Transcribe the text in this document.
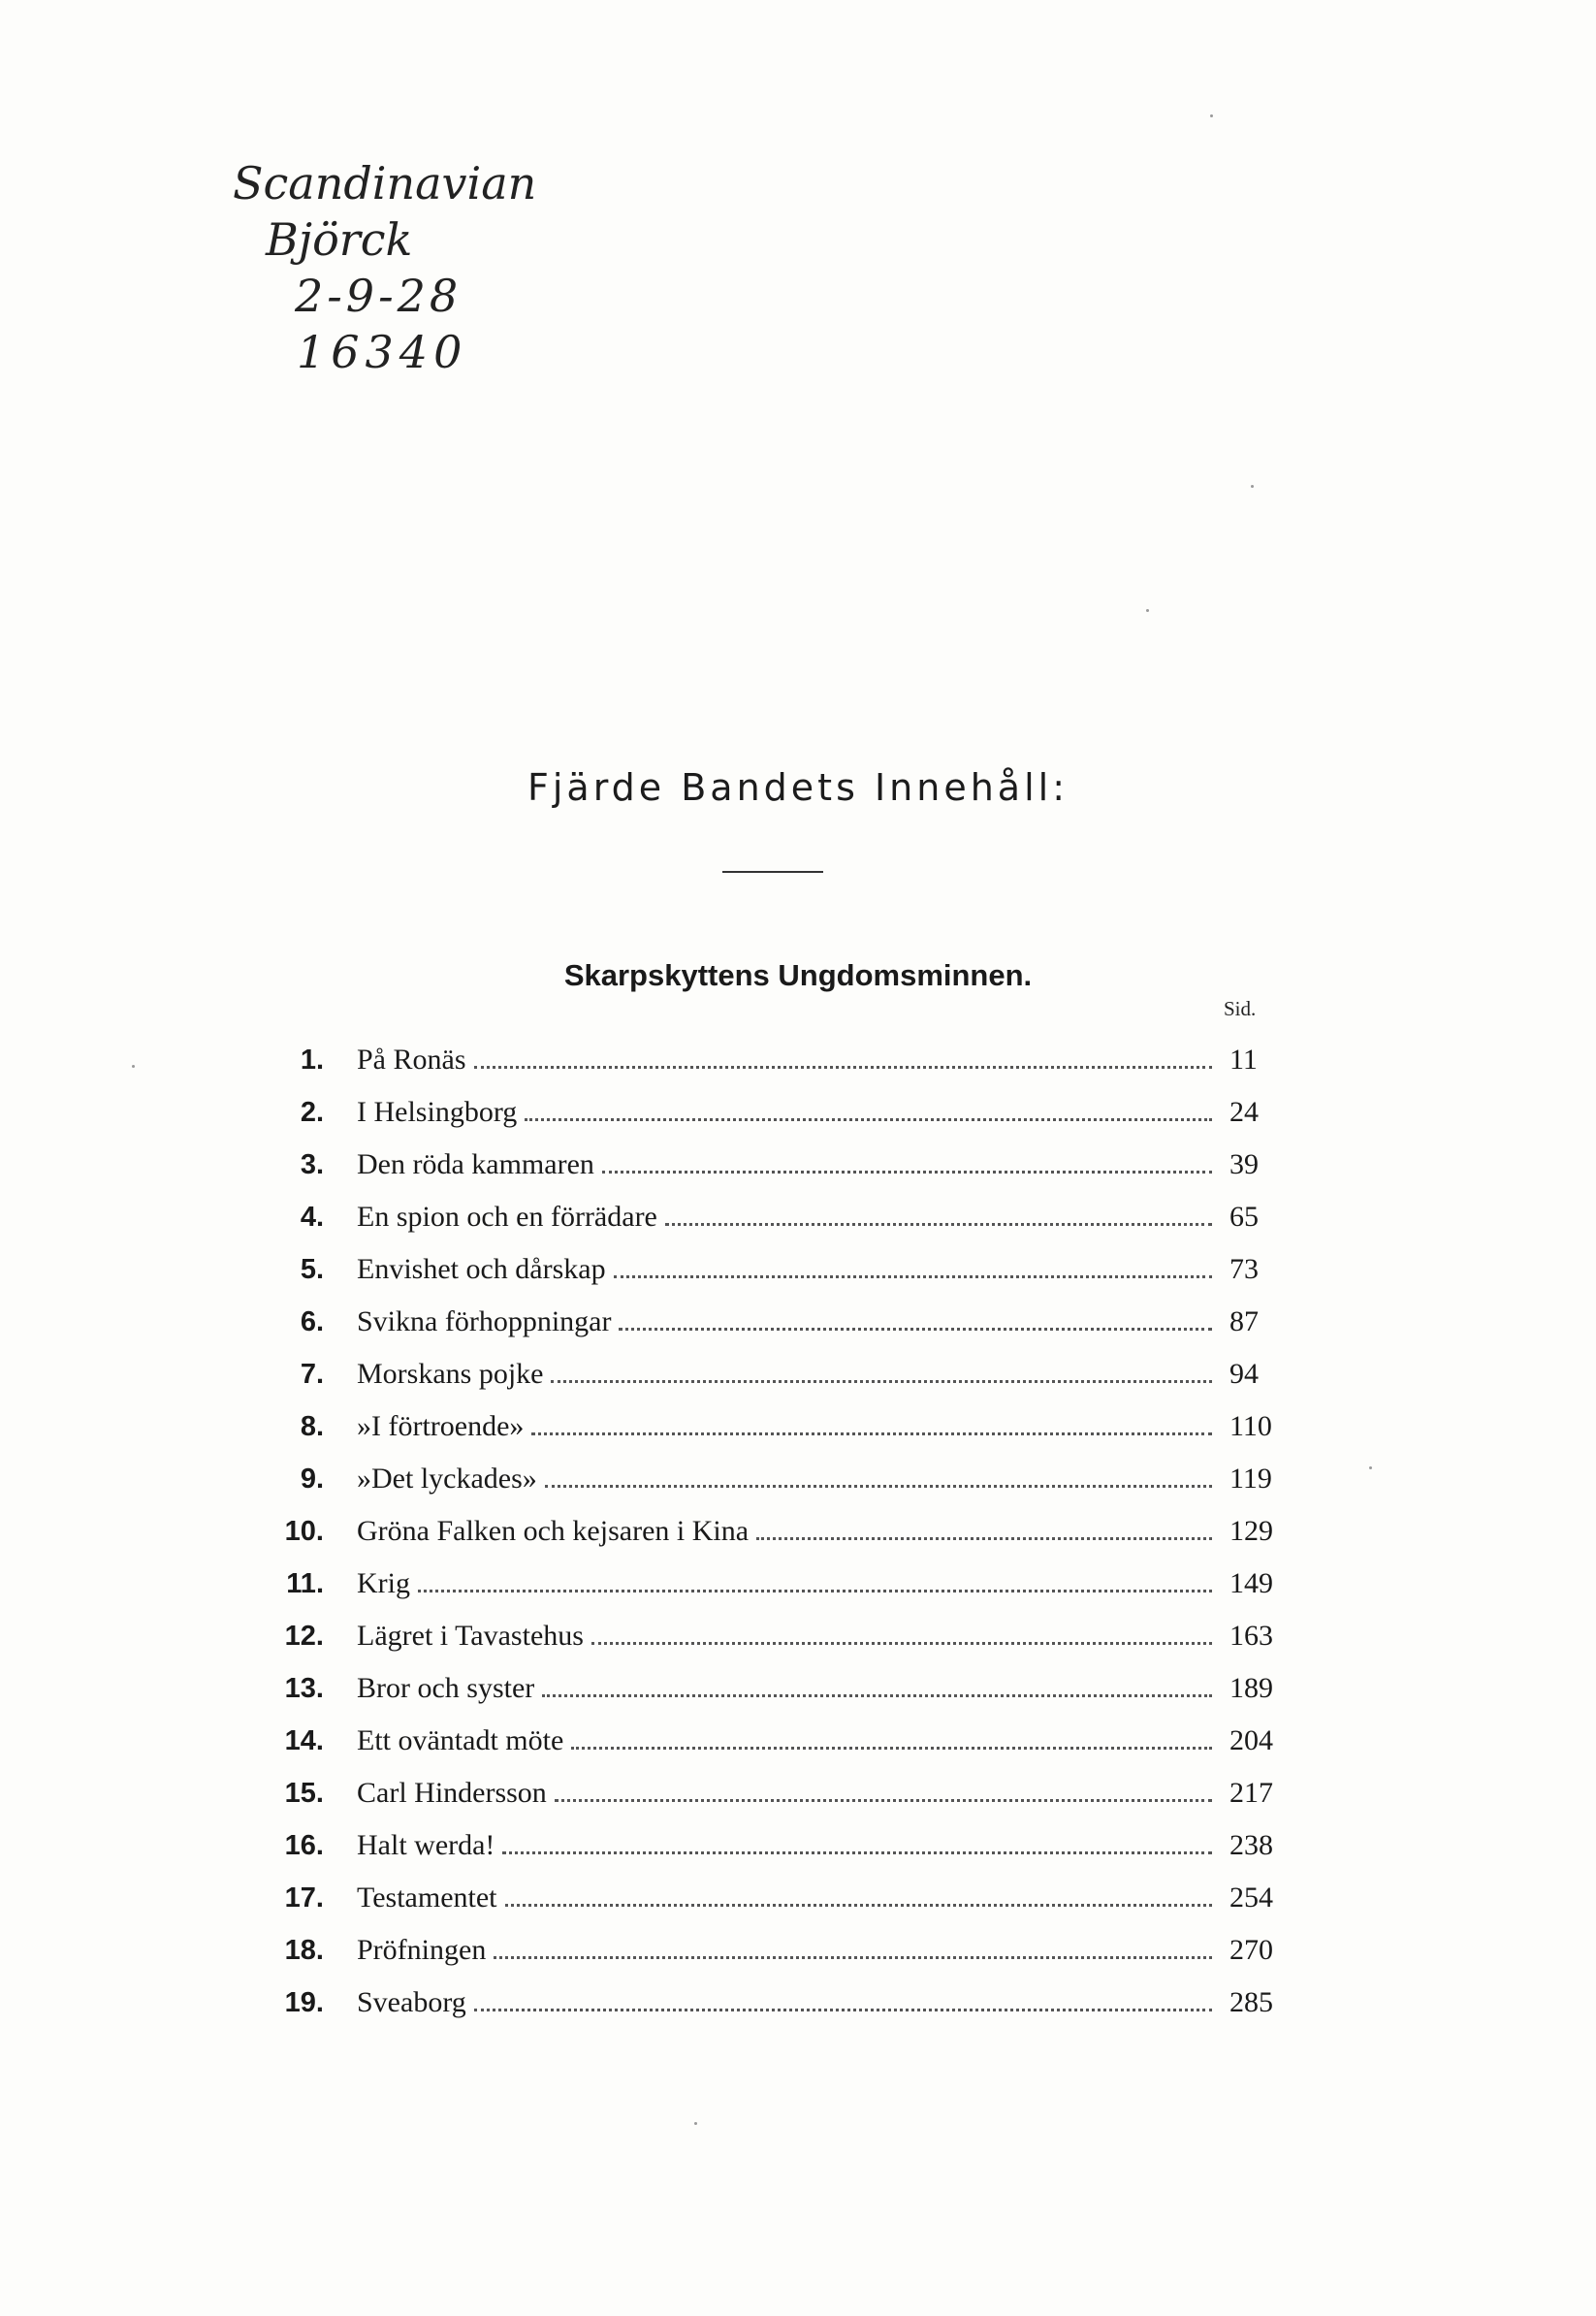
Scandinavian
Björck
2-9-28
16340
Fjärde Bandets Innehåll:
Skarpskyttens Ungdomsminnen.
Sid.
1. På Ronäs	11
2. I Helsingborg	24
3. Den röda kammaren	39
4. En spion och en förrädare	65
5. Envishet och dårskap	73
6. Svikna förhoppningar	87
7. Morskans pojke	94
8. »I förtroende»	110
9. »Det lyckades»	119
10. Gröna Falken och kejsaren i Kina	129
11. Krig	149
12. Lägret i Tavastehus	163
13. Bror och syster	189
14. Ett oväntadt möte	204
15. Carl Hindersson	217
16. Halt werda!	238
17. Testamentet	254
18. Pröfningen	270
19. Sveaborg	285
